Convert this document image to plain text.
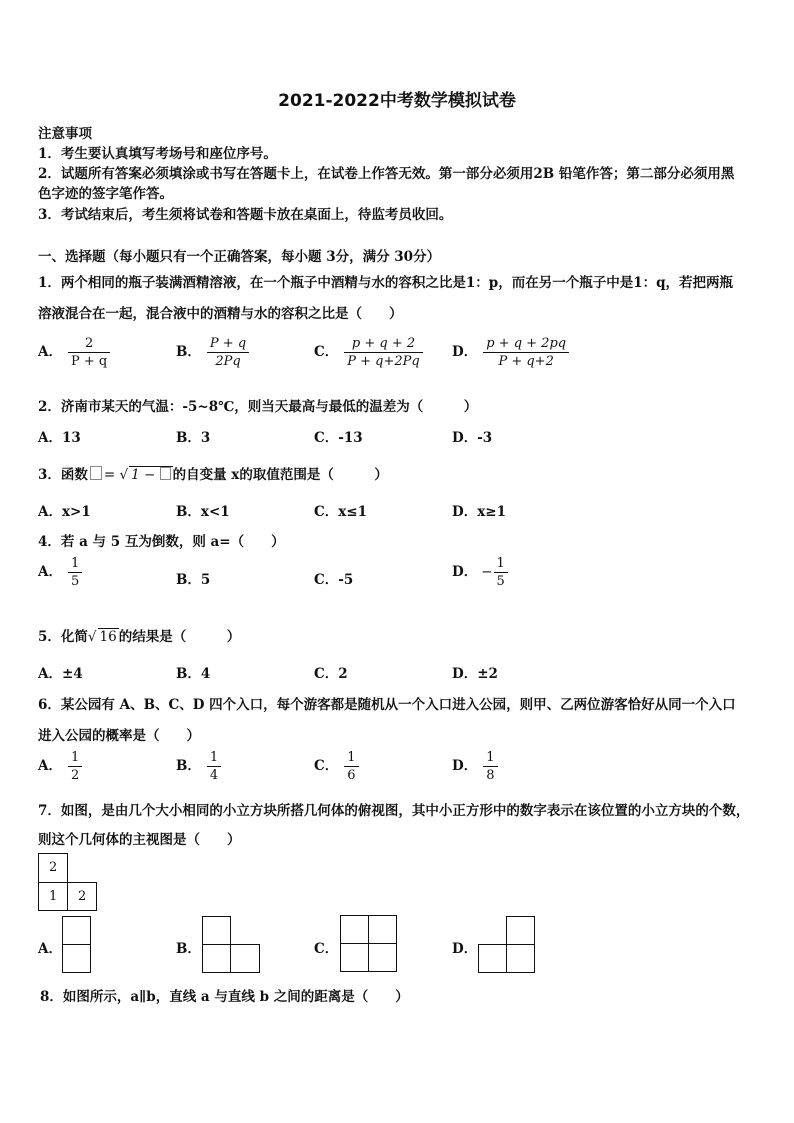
2021-2022中考数学模拟试卷
注意事项
1．考生要认真填写考场号和座位序号。
2．试题所有答案必须填涂或书写在答题卡上，在试卷上作答无效。第一部分必须用2B 铅笔作答；第二部分必须用黑
色字迹的签字笔作答。
3．考试结束后，考生须将试卷和答题卡放在桌面上，待监考员收回。
一、选择题（每小题只有一个正确答案，每小题 3分，满分 30分）
1．两个相同的瓶子装满酒精溶液，在一个瓶子中酒精与水的容积之比是1：p，而在另一个瓶子中是1：q，若把两瓶
溶液混合在一起，混合液中的酒精与水的容积之比是（　　）
A． $\frac{2}{P + q}$	B． $\frac{P + q}{2Pq}$	C． $\frac{p + q + 2}{P + q+2Pq}$ D． $\frac{p + q + 2pq}{P + q+2}$
2．济南市某天的气温：-5~8℃，则当天最高与最低的温差为（　　　）
A．13	B．3	C．-13	D．-3
3．函数 = √ 1 − 的自变量 x的取值范围是（　　　）
A．x>1	B．x<1	C．x≤1	D．x≥1
4．若 a 与 5 互为倒数，则 a=（　　）
A． $\frac{1}{5}$	B．5	C．-5	D． − $\frac{1}{5}$
5．化简√ 16 的结果是（　　　）
A．±4	B．4	C．2	D．±2
6．某公园有 A、B、C、D 四个入口，每个游客都是随机从一个入口进入公园，则甲、乙两位游客恰好从同一个入口
进入公园的概率是（　　）
A． $\frac{1}{2}$	B． $\frac{1}{4}$	C． $\frac{1}{6}$	D． $\frac{1}{8}$
7．如图，是由几个大小相同的小立方块所搭几何体的俯视图，其中小正方形中的数字表示在该位置的小立方块的个数，
则这个几何体的主视图是（　　）
2
1 2
A．	B．	C．	D．
8．如图所示，a∥b，直线 a 与直线 b 之间的距离是（　　）
